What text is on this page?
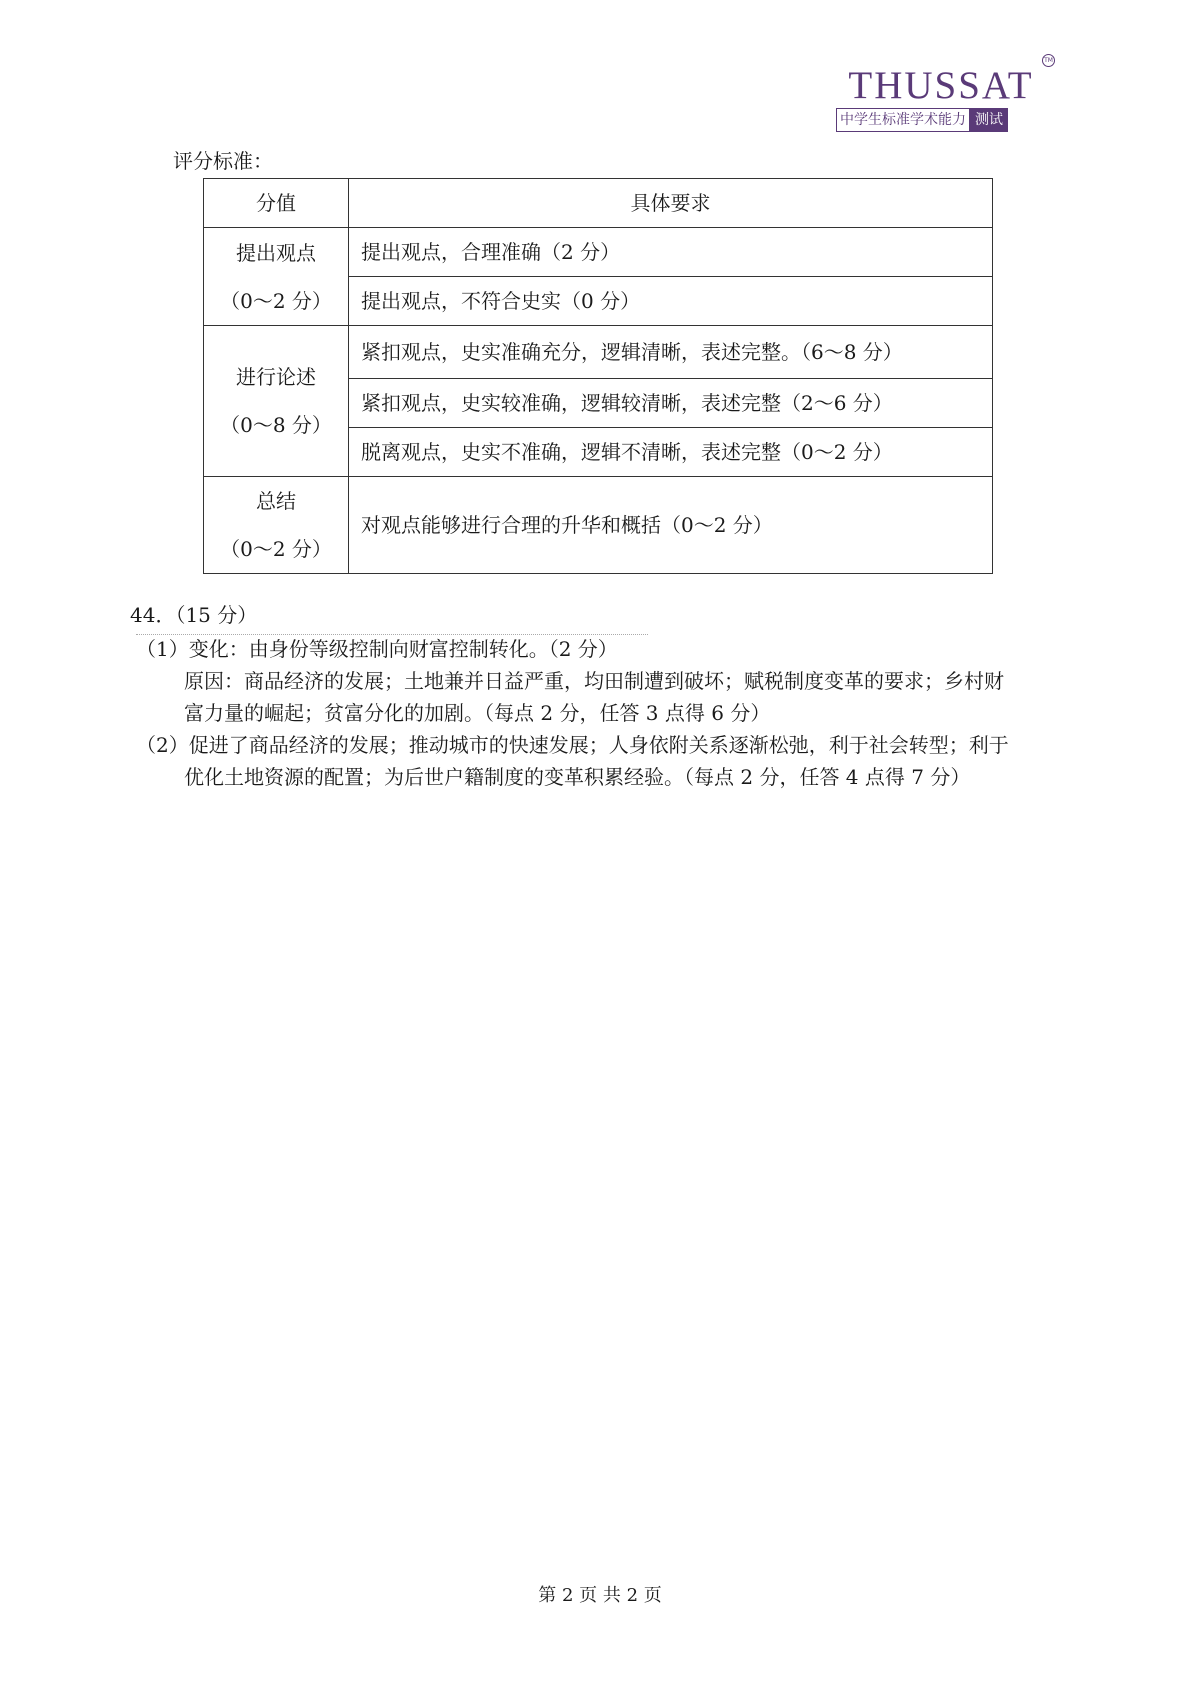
THUSSAT
TM
中学生标准学术能力 测试
评分标准：
分值	具体要求

提出观点
（0～2 分）	提出观点，合理准确（2 分）
	提出观点，不符合史实（0 分）

进行论述
（0～8 分）	紧扣观点，史实准确充分，逻辑清晰，表述完整。（6～8 分）
	紧扣观点，史实较准确，逻辑较清晰，表述完整（2～6 分）
	脱离观点，史实不准确，逻辑不清晰，表述完整（0～2 分）

总结
（0～2 分）	对观点能够进行合理的升华和概括（0～2 分）
44．（15 分）
（1）变化：由身份等级控制向财富控制转化。（2 分）
原因：商品经济的发展；土地兼并日益严重，均田制遭到破坏；赋税制度变革的要求；乡村财
富力量的崛起；贫富分化的加剧。（每点 2 分，任答 3 点得 6 分）
（2）促进了商品经济的发展；推动城市的快速发展；人身依附关系逐渐松弛，利于社会转型；利于
优化土地资源的配置；为后世户籍制度的变革积累经验。（每点 2 分，任答 4 点得 7 分）
第 2 页 共 2 页
